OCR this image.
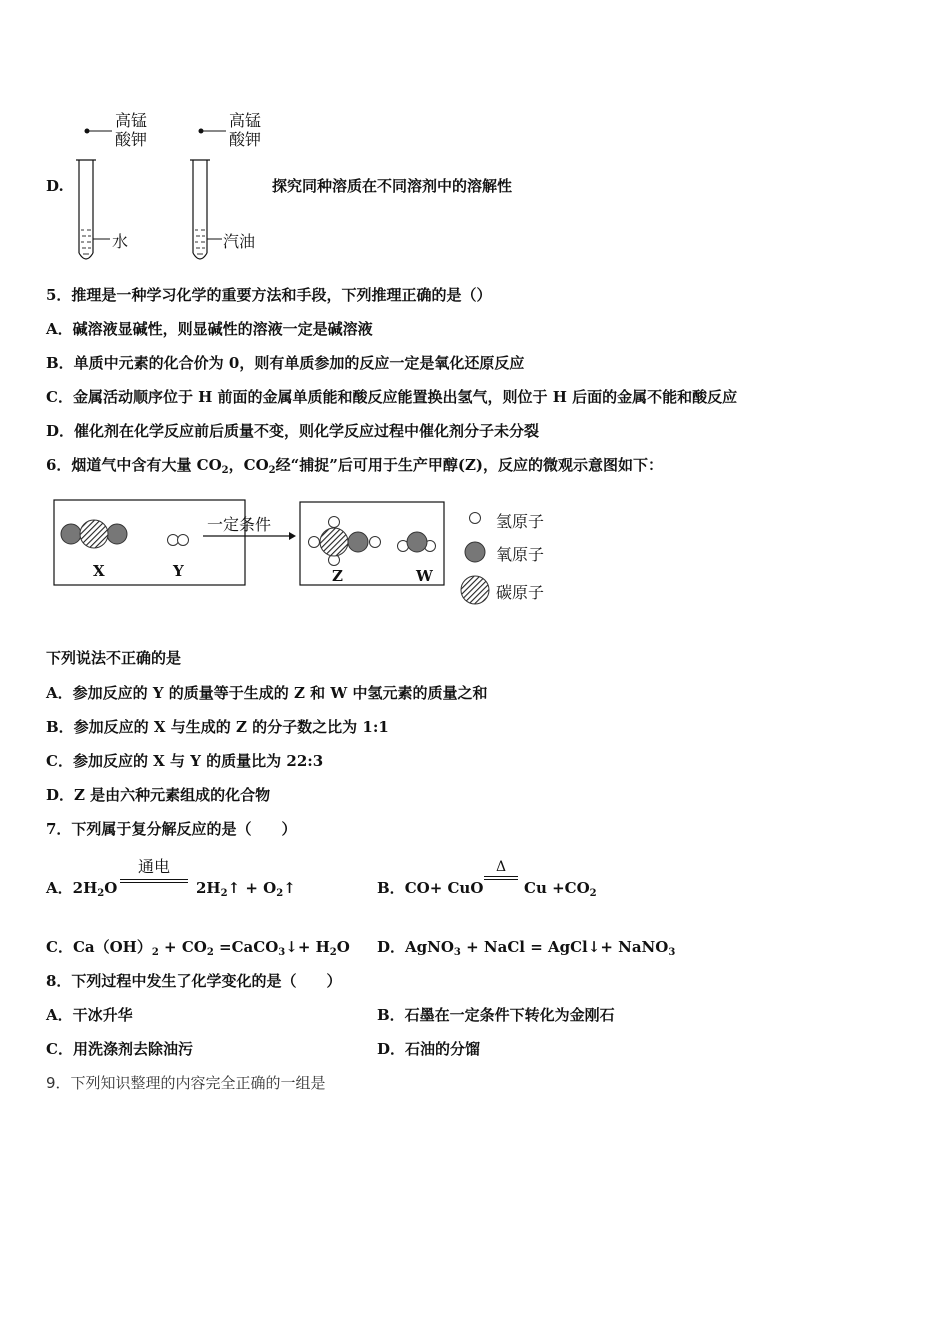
D.
高锰
酸钾
高锰
酸钾
水	汽油
探究同种溶质在不同溶剂中的溶解性
5．推理是一种学习化学的重要方法和手段，下列推理正确的是（）
A．碱溶液显碱性，则显碱性的溶液一定是碱溶液
B．单质中元素的化合价为 0，则有单质参加的反应一定是氧化还原反应
C．金属活动顺序位于 H 前面的金属单质能和酸反应能置换出氢气，则位于 H 后面的金属不能和酸反应
D．催化剂在化学反应前后质量不变，则化学反应过程中催化剂分子未分裂
6．烟道气中含有大量 $CO_2$，$CO_2$经“捕捉”后可用于生产甲醇(Z)，反应的微观示意图如下：
一定条件
X	Y	Z	W
氢原子
氧原子
碳原子
下列说法不正确的是
A．参加反应的 Y 的质量等于生成的 Z 和 W 中氢元素的质量之和
B．参加反应的 X 与生成的 Z 的分子数之比为 1:1
C．参加反应的 X 与 Y 的质量比为 22:3
D．Z 是由六种元素组成的化合物
7．下列属于复分解反应的是（　　）
A．$2H_2O$
通电
$2H_2↑$ + $O_2↑$	B．CO+ CuO
Δ
$Cu +CO_2$
C．$Ca(OH)_2 + CO_2$ =CaCO$_3$↓+ $H_2O$ D．AgNO$_3$ + NaCl = AgCl↓+ NaNO$_3$
8．下列过程中发生了化学变化的是（　　）
A．干冰升华	B．石墨在一定条件下转化为金刚石
C．用洗涤剂去除油污	D．石油的分馏
9．下列知识整理的内容完全正确的一组是
